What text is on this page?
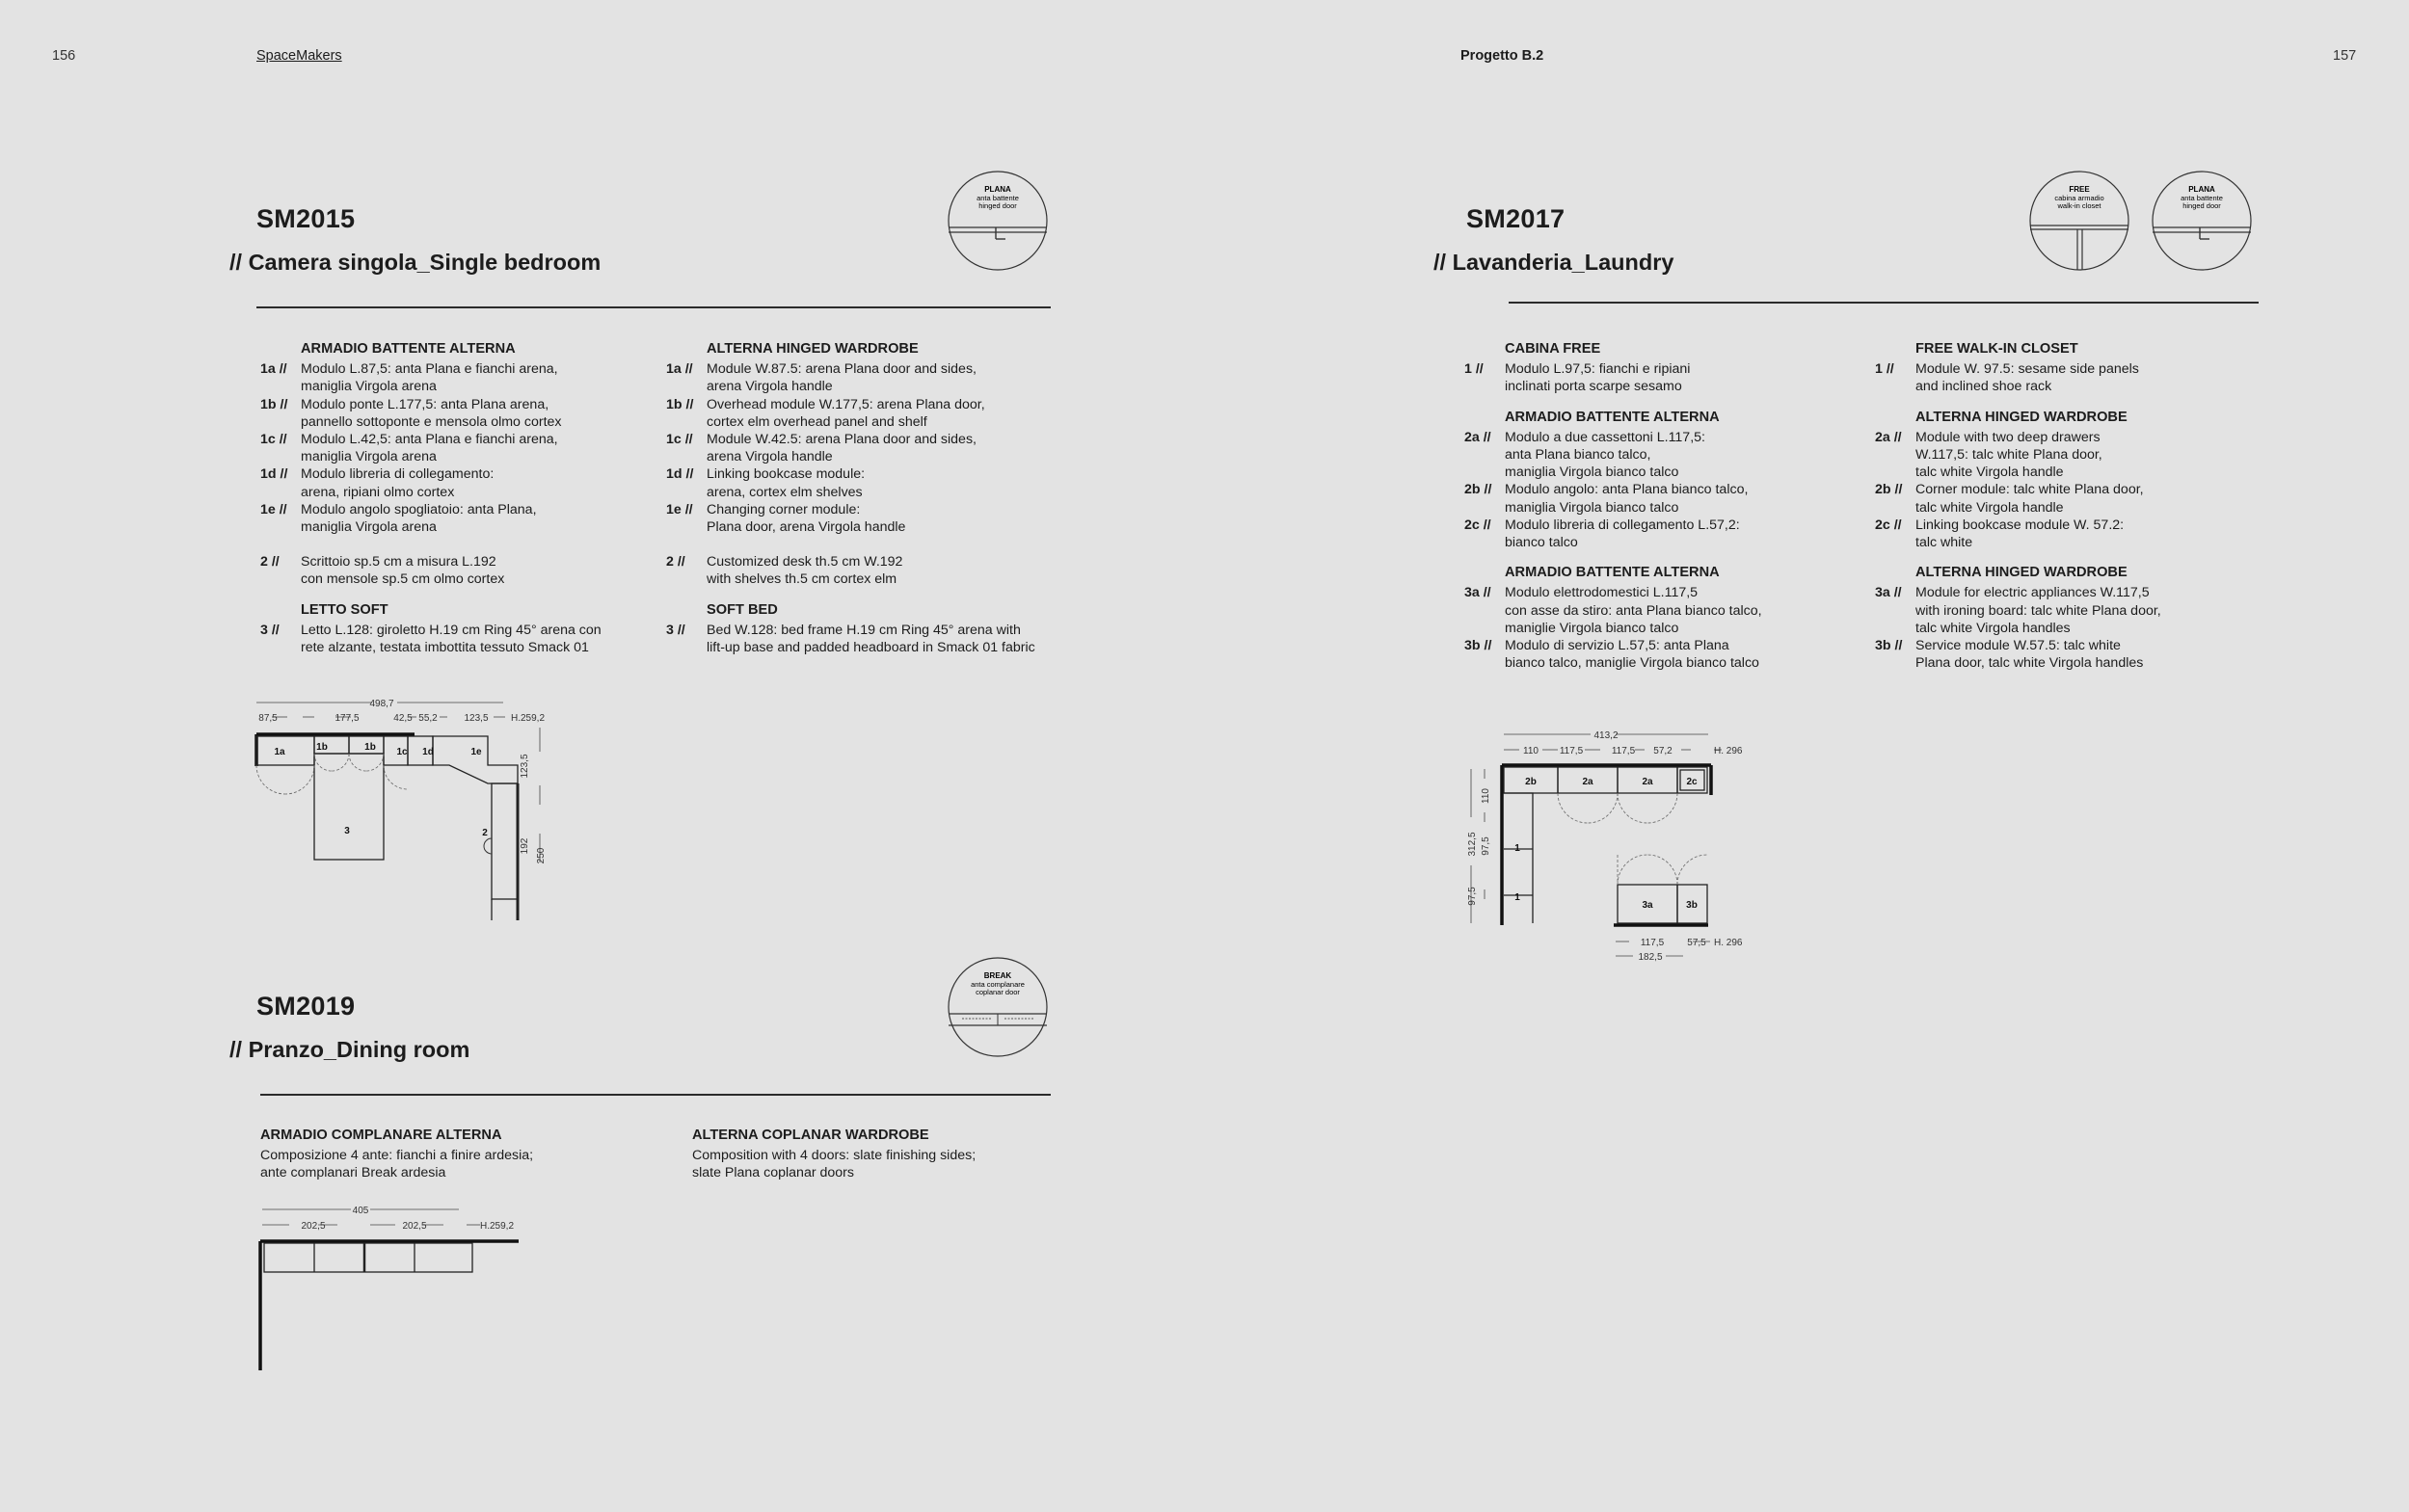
156	SpaceMakers	Progetto B.2	157
SM2015
// Camera singola_Single bedroom
PLANA
anta battente
hinged door
ARMADIO BATTENTE ALTERNA
1a //	Modulo L.87,5: anta Plana e fianchi arena,
maniglia Virgola arena
1b // Modulo ponte L.177,5: anta Plana arena,
pannello sottoponte e mensola olmo cortex
1c //	Modulo L.42,5: anta Plana e fianchi arena,
maniglia Virgola arena
1d // Modulo libreria di collegamento:
arena, ripiani olmo cortex
1e //	Modulo angolo spogliatoio: anta Plana,
maniglia Virgola arena
2 //	Scrittoio sp.5 cm a misura L.192
con mensole sp.5 cm olmo cortex
LETTO SOFT
3 //	Letto L.128: giroletto H.19 cm Ring 45° arena con
rete alzante, testata imbottita tessuto Smack 01
ALTERNA HINGED WARDROBE
1a //	Module W.87.5: arena Plana door and sides,
arena Virgola handle
1b // Overhead module W.177,5: arena Plana door,
cortex elm overhead panel and shelf
1c //	Module W.42.5: arena Plana door and sides,
arena Virgola handle
1d // Linking bookcase module:
arena, cortex elm shelves
1e //	Changing corner module:
Plana door, arena Virgola handle
2 //	Customized desk th.5 cm W.192
with shelves th.5 cm cortex elm
SOFT BED
3 //	Bed W.128: bed frame H.19 cm Ring 45° arena with
lift-up base and padded headboard in Smack 01 fabric
498,7
87,5	177,5	42,5 55,2	123,5 H.259,2
1a	1b	1b 1c 1d	1e
2
3
123,5
192
250
SM2019
// Pranzo_Dining room
BREAK
anta complanare
coplanar door
ARMADIO COMPLANARE ALTERNA
Composizione 4 ante: fianchi a finire ardesia;
ante complanari Break ardesia
ALTERNA COPLANAR WARDROBE
Composition with 4 doors: slate finishing sides;
slate Plana coplanar doors
405
202,5	202,5	H.259,2
SM2017
// Lavanderia_Laundry
FREE
cabina armadio
walk-in closet
PLANA
anta battente
hinged door
CABINA FREE
1 //	Modulo L.97,5: fianchi e ripiani
inclinati porta scarpe sesamo
ARMADIO BATTENTE ALTERNA
2a //	Modulo a due cassettoni L.117,5:
anta Plana bianco talco,
maniglia Virgola bianco talco
2b // Modulo angolo: anta Plana bianco talco,
maniglia Virgola bianco talco
2c //	Modulo libreria di collegamento L.57,2:
bianco talco
ARMADIO BATTENTE ALTERNA
3a //	Modulo elettrodomestici L.117,5
con asse da stiro: anta Plana bianco talco,
maniglie Virgola bianco talco
3b // Modulo di servizio L.57,5: anta Plana
bianco talco, maniglie Virgola bianco talco
FREE WALK-IN CLOSET
1 //	Module W. 97.5: sesame side panels
and inclined shoe rack
ALTERNA HINGED WARDROBE
2a //	Module with two deep drawers
W.117,5: talc white Plana door,
talc white Virgola handle
2b // Corner module: talc white Plana door,
talc white Virgola handle
2c //	Linking bookcase module W. 57.2:
talc white
ALTERNA HINGED WARDROBE
3a //	Module for electric appliances W.117,5
with ironing board: talc white Plana door,
talc white Virgola handles
3b // Service module W.57.5: talc white
Plana door, talc white Virgola handles
413,2
110 117,5	117,5 57,2	H. 296
312,5
110
97,5
97,5
2b	2a	2a	2c
1
1
3a	3b
117,5 57,5 H. 296
182,5
